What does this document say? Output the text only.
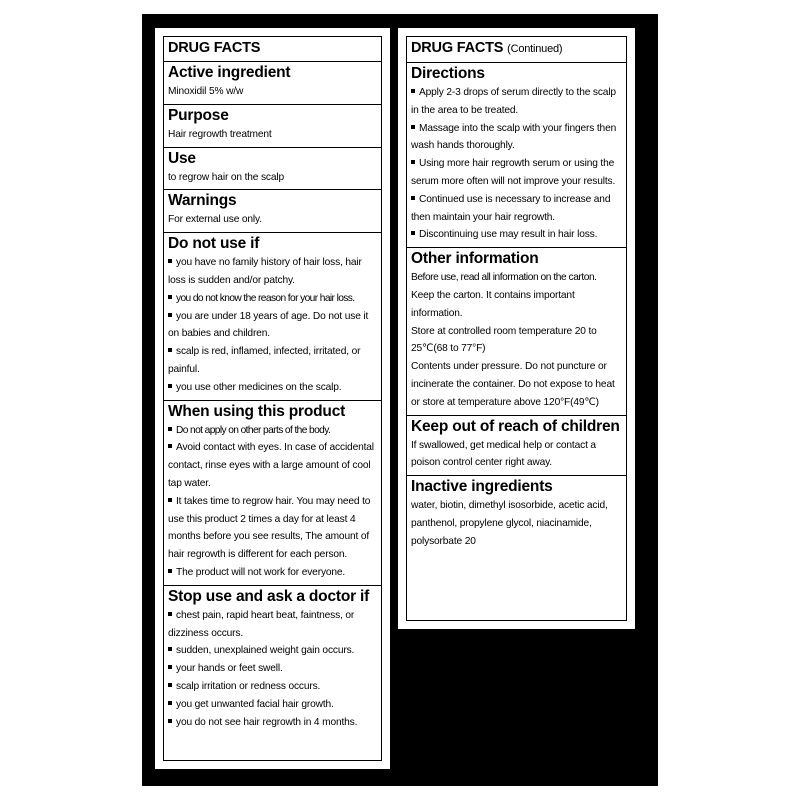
DRUG FACTS
Active ingredient
Minoxidil 5% w/w
Purpose
Hair regrowth treatment
Use
to regrow hair on the scalp
Warnings
For external use only.
Do not use if
you have no family history of hair loss, hair loss is sudden and/or patchy.
you do not know the reason for your hair loss.
you are under 18 years of age. Do not use it on babies and children.
scalp is red, inflamed, infected, irritated, or painful.
you use other medicines on the scalp.
When using this product
Do not apply on other parts of the body.
Avoid contact with eyes. In case of accidental contact, rinse eyes with a large amount of cool tap water.
It takes time to regrow hair. You may need to use this product 2 times a day for at least 4 months before you see results, The amount of hair regrowth is different for each person.
The product will not work for everyone.
Stop use and ask a doctor if
chest pain, rapid heart beat, faintness, or dizziness occurs.
sudden, unexplained weight gain occurs.
your hands or feet swell.
scalp irritation or redness occurs.
you get unwanted facial hair growth.
you do not see hair regrowth in 4 months.
DRUG FACTS (Continued)
Directions
Apply 2-3 drops of serum directly to the scalp in the area to be treated.
Massage into the scalp with your fingers then wash hands thoroughly.
Using more hair regrowth serum or using the serum more often will not improve your results.
Continued use is necessary to increase and then maintain your hair regrowth.
Discontinuing use may result in hair loss.
Other information
Before use, read all information on the carton.
Keep the carton. It contains important information.
Store at controlled room temperature 20 to 25℃(68 to 77°F)
Contents under pressure. Do not puncture or incinerate the container. Do not expose to heat or store at temperature above 120°F(49℃)
Keep out of reach of children
If swallowed, get medical help or contact a poison control center right away.
Inactive ingredients
water, biotin, dimethyl isosorbide, acetic acid, panthenol, propylene glycol, niacinamide, polysorbate 20
